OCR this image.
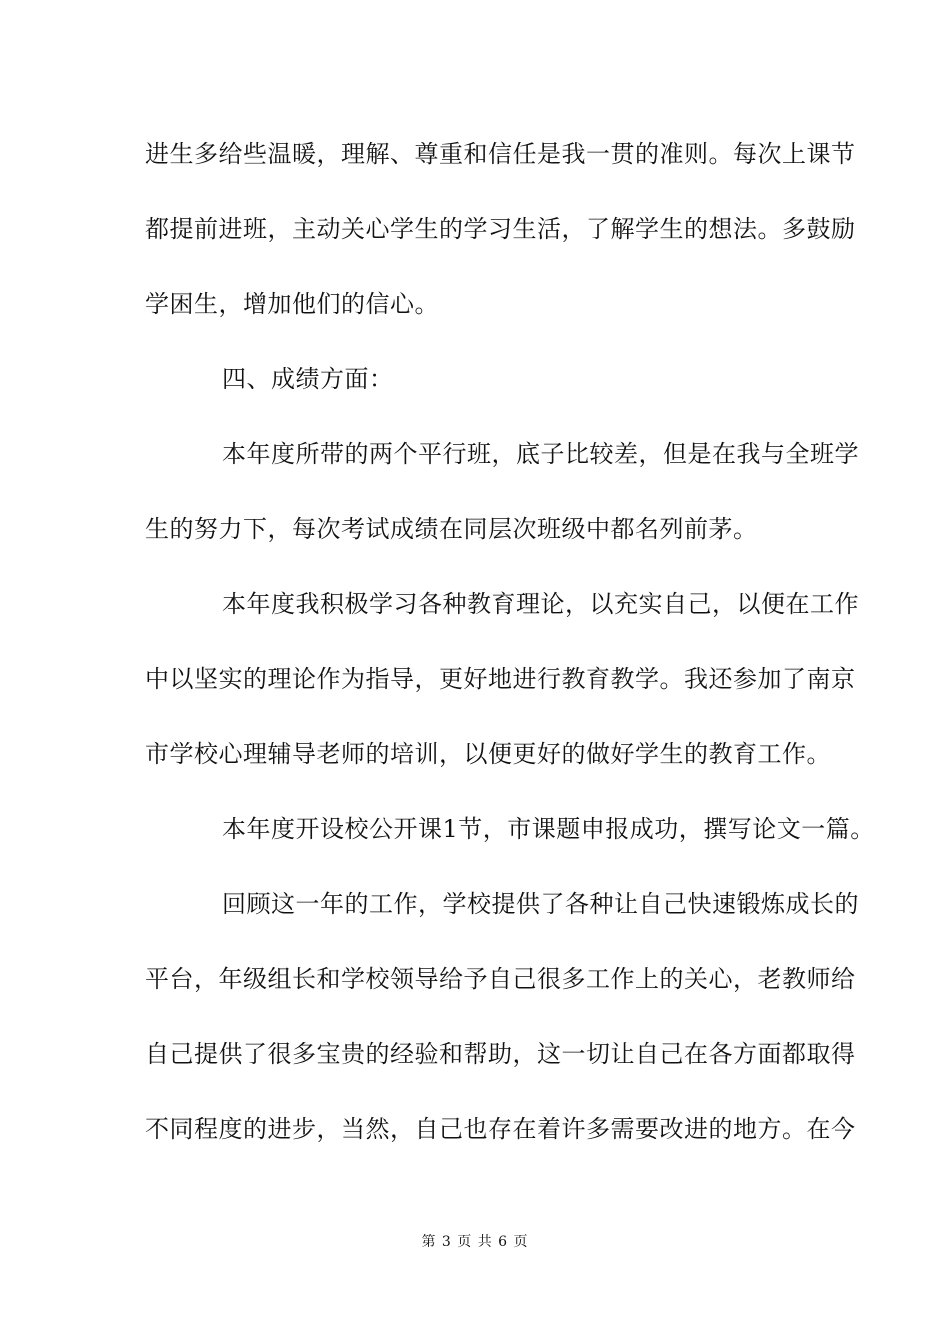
进生多给些温暖，理解、尊重和信任是我一贯的准则。每次上课节
都提前进班，主动关心学生的学习生活，了解学生的想法。多鼓励
学困生，增加他们的信心。
四、成绩方面：
本年度所带的两个平行班，底子比较差，但是在我与全班学
生的努力下，每次考试成绩在同层次班级中都名列前茅。
本年度我积极学习各种教育理论，以充实自己，以便在工作
中以坚实的理论作为指导，更好地进行教育教学。我还参加了南京
市学校心理辅导老师的培训，以便更好的做好学生的教育工作。
本年度开设校公开课1节，市课题申报成功，撰写论文一篇。
回顾这一年的工作，学校提供了各种让自己快速锻炼成长的
平台，年级组长和学校领导给予自己很多工作上的关心，老教师给
自己提供了很多宝贵的经验和帮助，这一切让自己在各方面都取得
不同程度的进步，当然，自己也存在着许多需要改进的地方。在今
第 3 页 共 6 页
